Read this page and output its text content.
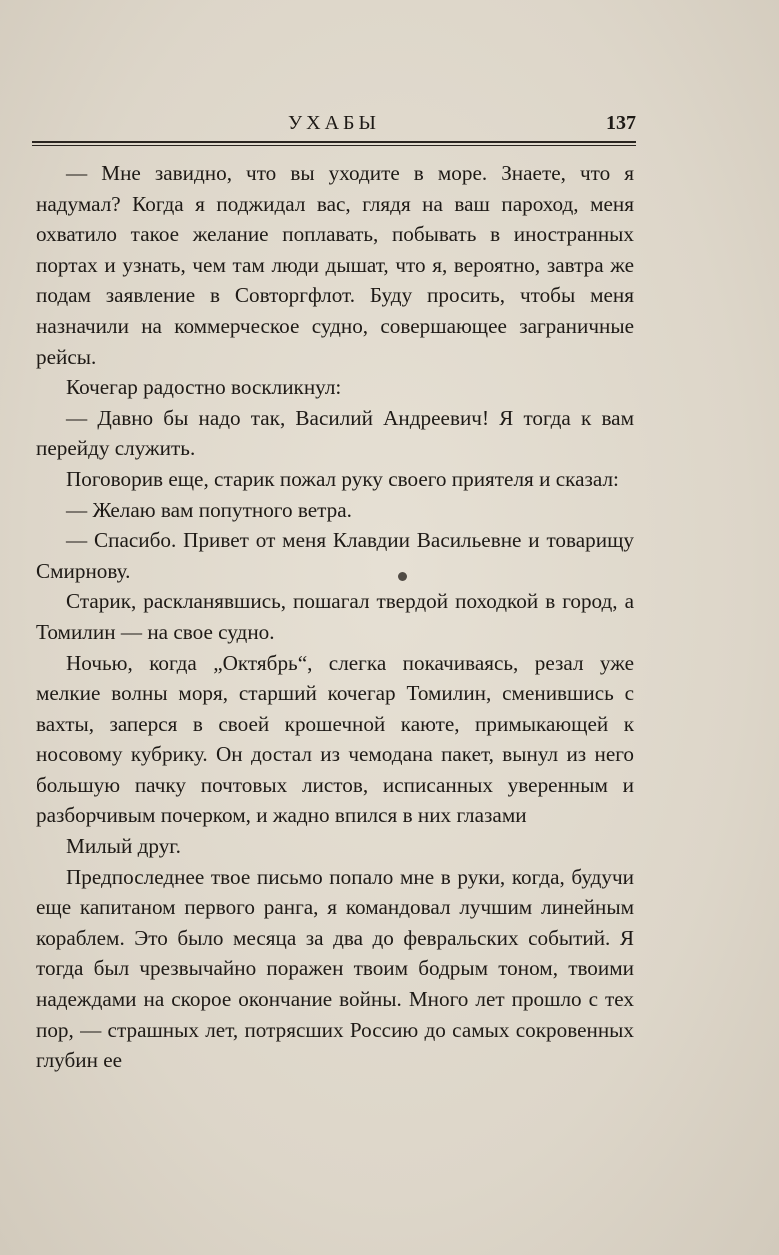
УХАБЫ	137

— Мне завидно, что вы уходите в море. Знаете, что я надумал? Когда я поджидал вас, глядя на ваш пароход, меня охватило такое желание поплавать, побывать в иностранных портах и узнать, чем там люди дышат, что я, вероятно, завтра же подам заявление в Совторгфлот. Буду просить, чтобы меня назначили на коммерческое судно, совершающее заграничные рейсы.

Кочегар радостно воскликнул:

— Давно бы надо так, Василий Андреевич! Я тогда к вам перейду служить.

Поговорив еще, старик пожал руку своего приятеля и сказал:

— Желаю вам попутного ветра.

— Спасибо. Привет от меня Клавдии Васильевне и товарищу Смирнову.

Старик, раскланявшись, пошагал твердой походкой в город, а Томилин — на свое судно.

Ночью, когда „Октябрь“, слегка покачиваясь, резал уже мелкие волны моря, старший кочегар Томилин, сменившись с вахты, заперся в своей крошечной каюте, примыкающей к носовому кубрику. Он достал из чемодана пакет, вынул из него большую пачку почтовых листов, исписанных уверенным и разборчивым почерком, и жадно впился в них глазами

Милый друг.

Предпоследнее твое письмо попало мне в руки, когда, будучи еще капитаном первого ранга, я командовал лучшим линейным кораблем. Это было месяца за два до февральских событий. Я тогда был чрезвычайно поражен твоим бодрым тоном, твоими надеждами на скорое окончание войны. Много лет прошло с тех пор, — страшных лет, потрясших Россию до самых сокровенных глубин ее
